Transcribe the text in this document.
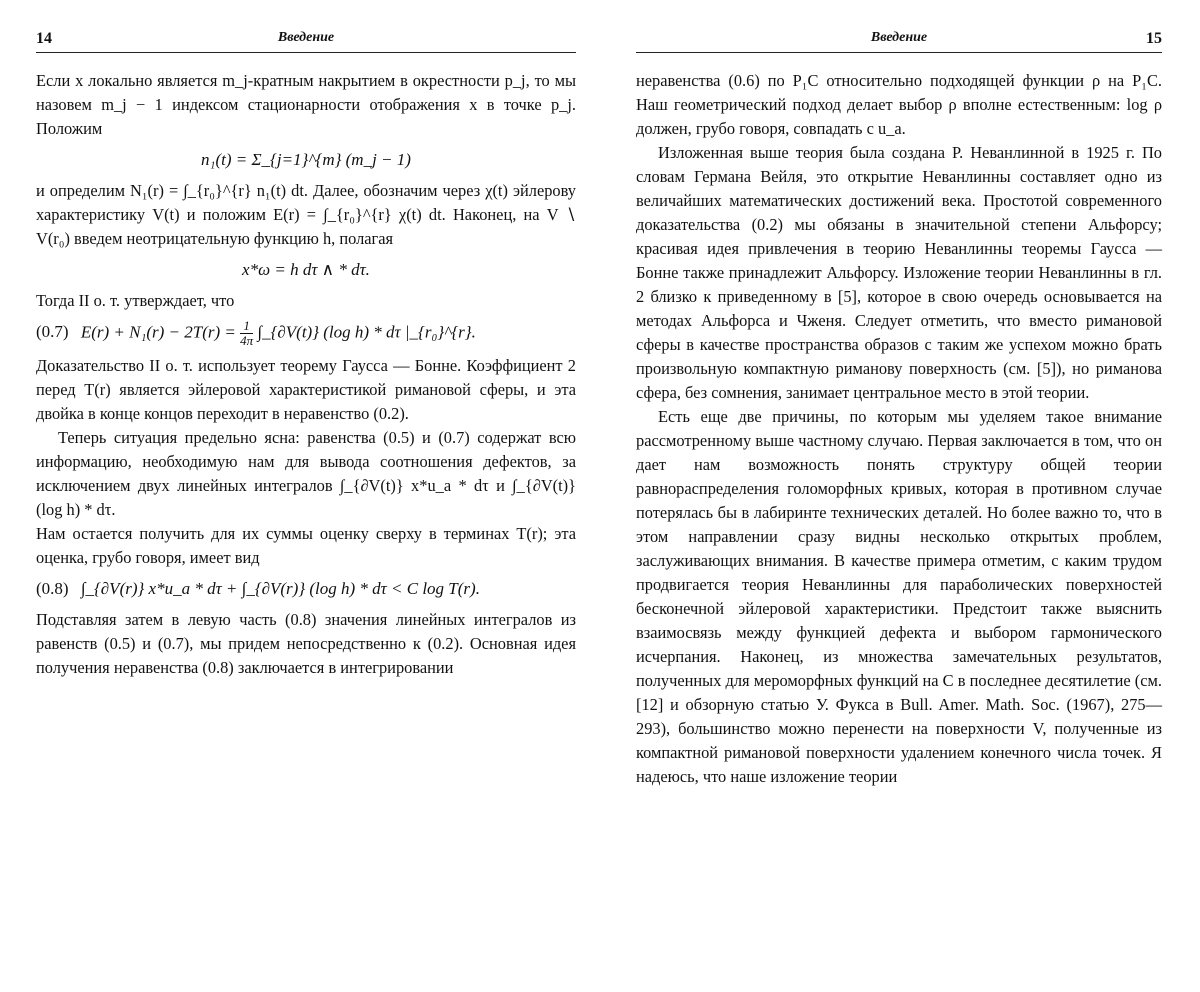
14	Введение

Если x локально является m_j-кратным накрытием в окрестности p_j, то мы назовем m_j − 1 индексом стационарности отображения x в точке p_j. Положим

n₁(t) = Σ_{j=1}^{m} (m_j − 1)

и определим N₁(r) = ∫_{r₀}^{r} n₁(t) dt. Далее, обозначим через χ(t) эйлерову характеристику V(t) и положим E(r) = ∫_{r₀}^{r} χ(t) dt. Наконец, на V ∖ V(r₀) введем неотрицательную функцию h, полагая

x*ω = h dτ ∧ * dτ.

Тогда II о. т. утверждает, что

(0.7) $E(r) + N_1(r) - 2T(r) = \frac{1}{4\pi}$ ∫_{∂V(t)} (log h) * dτ |_{r₀}^{r}.

Доказательство II о. т. использует теорему Гаусса — Бонне. Коэффициент 2 перед T(r) является эйлеровой характеристикой римановой сферы, и эта двойка в конце концов переходит в неравенство (0.2).

Теперь ситуация предельно ясна: равенства (0.5) и (0.7) содержат всю информацию, необходимую нам для вывода соотношения дефектов, за исключением двух линейных интегралов ∫_{∂V(t)} x*u_a * dτ и ∫_{∂V(t)} (log h) * dτ.

Нам остается получить для их суммы оценку сверху в терминах T(r); эта оценка, грубо говоря, имеет вид

(0.8) ∫_{∂V(r)} x*u_a * dτ + ∫_{∂V(r)} (log h) * dτ < C log T(r).

Подставляя затем в левую часть (0.8) значения линейных интегралов из равенств (0.5) и (0.7), мы придем непосредственно к (0.2). Основная идея получения неравенства (0.8) заключается в интегрировании

Введение	15

неравенства (0.6) по P₁C относительно подходящей функции ρ на P₁C. Наш геометрический подход делает выбор ρ вполне естественным: log ρ должен, грубо говоря, совпадать с u_a.

Изложенная выше теория была создана Р. Неванлинной в 1925 г. По словам Германа Вейля, это открытие Неванлинны составляет одно из величайших математических достижений века. Простотой современного доказательства (0.2) мы обязаны в значительной степени Альфорсу; красивая идея привлечения в теорию Неванлинны теоремы Гаусса — Бонне также принадлежит Альфорсу. Изложение теории Неванлинны в гл. 2 близко к приведенному в [5], которое в свою очередь основывается на методах Альфорса и Чженя. Следует отметить, что вместо римановой сферы в качестве пространства образов с таким же успехом можно брать произвольную компактную риманову поверхность (см. [5]), но риманова сфера, без сомнения, занимает центральное место в этой теории.

Есть еще две причины, по которым мы уделяем такое внимание рассмотренному выше частному случаю. Первая заключается в том, что он дает нам возможность понять структуру общей теории равнораспределения голоморфных кривых, которая в противном случае потерялась бы в лабиринте технических деталей. Но более важно то, что в этом направлении сразу видны несколько открытых проблем, заслуживающих внимания. В качестве примера отметим, с каким трудом продвигается теория Неванлинны для параболических поверхностей бесконечной эйлеровой характеристики. Предстоит также выяснить взаимосвязь между функцией дефекта и выбором гармонического исчерпания. Наконец, из множества замечательных результатов, полученных для мероморфных функций на C в последнее десятилетие (см. [12] и обзорную статью У. Фукса в Bull. Amer. Math. Soc. (1967), 275—293), большинство можно перенести на поверхности V, полученные из компактной римановой поверхности удалением конечного числа точек. Я надеюсь, что наше изложение теории
